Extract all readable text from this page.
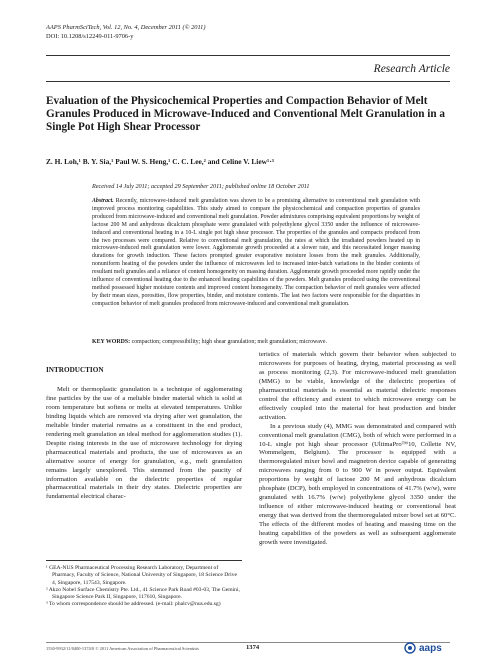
AAPS PharmSciTech, Vol. 12, No. 4, December 2011 (© 2011)
DOI: 10.1208/s12249-011-9706-y
Research Article
Evaluation of the Physicochemical Properties and Compaction Behavior of Melt Granules Produced in Microwave-Induced and Conventional Melt Granulation in a Single Pot High Shear Processor
Z. H. Loh,¹ B. Y. Sia,¹ Paul W. S. Heng,¹ C. C. Lee,² and Celine V. Liew¹·³
Received 14 July 2011; accepted 29 September 2011; published online 18 October 2011
Abstract. Recently, microwave-induced melt granulation was shown to be a promising alternative to conventional melt granulation with improved process monitoring capabilities. This study aimed to compare the physicochemical and compaction properties of granules produced from microwave-induced and conventional melt granulation. Powder admixtures comprising equivalent proportions by weight of lactose 200 M and anhydrous dicalcium phosphate were granulated with polyethylene glycol 3350 under the influence of microwave-induced and conventional heating in a 10-L single pot high shear processor. The properties of the granules and compacts produced from the two processes were compared. Relative to conventional melt granulation, the rates at which the irradiated powders heated up in microwave-induced melt granulation were lower. Agglomerate growth proceeded at a slower rate, and this necessitated longer massing durations for growth induction. These factors prompted greater evaporative moisture losses from the melt granules. Additionally, nonuniform heating of the powders under the influence of microwaves led to increased inter-batch variations in the binder contents of resultant melt granules and a reliance of content homogeneity on massing duration. Agglomerate growth proceeded more rapidly under the influence of conventional heating due to the enhanced heating capabilities of the powders. Melt granules produced using the conventional method possessed higher moisture contents and improved content homogeneity. The compaction behavior of melt granules were affected by their mean sizes, porosities, flow properties, binder, and moisture contents. The last two factors were responsible for the disparities in compaction behavior of melt granules produced from microwave-induced and conventional melt granulation.
KEY WORDS: compaction; compressibility; high shear granulation; melt granulation; microwave.
INTRODUCTION

Melt or thermoplastic granulation is a technique of agglomerating fine particles by the use of a meltable binder material which is solid at room temperature but softens or melts at elevated temperatures. Unlike binding liquids which are removed via drying after wet granulation, the meltable binder material remains as a constituent in the end product, rendering melt granulation an ideal method for agglomeration studies (1). Despite rising interests in the use of microwave technology for drying pharmaceutical materials and products, the use of microwaves as an alternative source of energy for granulation, e.g., melt granulation remains largely unexplored. This stemmed from the paucity of information available on the dielectric properties of regular pharmaceutical materials in their dry states. Dielectric properties are fundamental electrical charac-

teristics of materials which govern their behavior when subjected to microwaves for purposes of heating, drying, material processing as well as process monitoring (2,3). For microwave-induced melt granulation (MMG) to be viable, knowledge of the dielectric properties of pharmaceutical materials is essential as material dielectric responses control the efficiency and extent to which microwave energy can be effectively coupled into the material for heat production and binder activation.

In a previous study (4), MMG was demonstrated and compared with conventional melt granulation (CMG), both of which were performed in a 10-L single pot high shear processor (UltimaPro™10, Collette NV, Wommelgem, Belgium). The processor is equipped with a thermoregulated mixer bowl and magnetron device capable of generating microwaves ranging from 0 to 900 W in power output. Equivalent proportions by weight of lactose 200 M and anhydrous dicalcium phosphate (DCP), both employed in concentrations of 41.7% (w/w), were granulated with 16.7% (w/w) polyethylene glycol 3350 under the influence of either microwave-induced heating or conventional heat energy that was derived from the thermoregulated mixer bowl set at 60°C. The effects of the different modes of heating and massing time on the heating capabilities of the powders as well as subsequent agglomerate growth were investigated.

¹ GEA-NUS Pharmaceutical Processing Research Laboratory, Department of Pharmacy, Faculty of Science, National University of Singapore, 18 Science Drive 4, Singapore, 117543, Singapore.
² Akzo Nobel Surface Chemistry Pte. Ltd., 41 Science Park Road #03-03, The Gemini, Singapore Science Park II, Singapore, 117610, Singapore.
³ To whom correspondence should be addressed. (e-mail: phalcv@nus.edu.sg)
1530-9932/11/0400-1374/0 © 2011 American Association of Pharmaceutical Scientists	1374	aaps
